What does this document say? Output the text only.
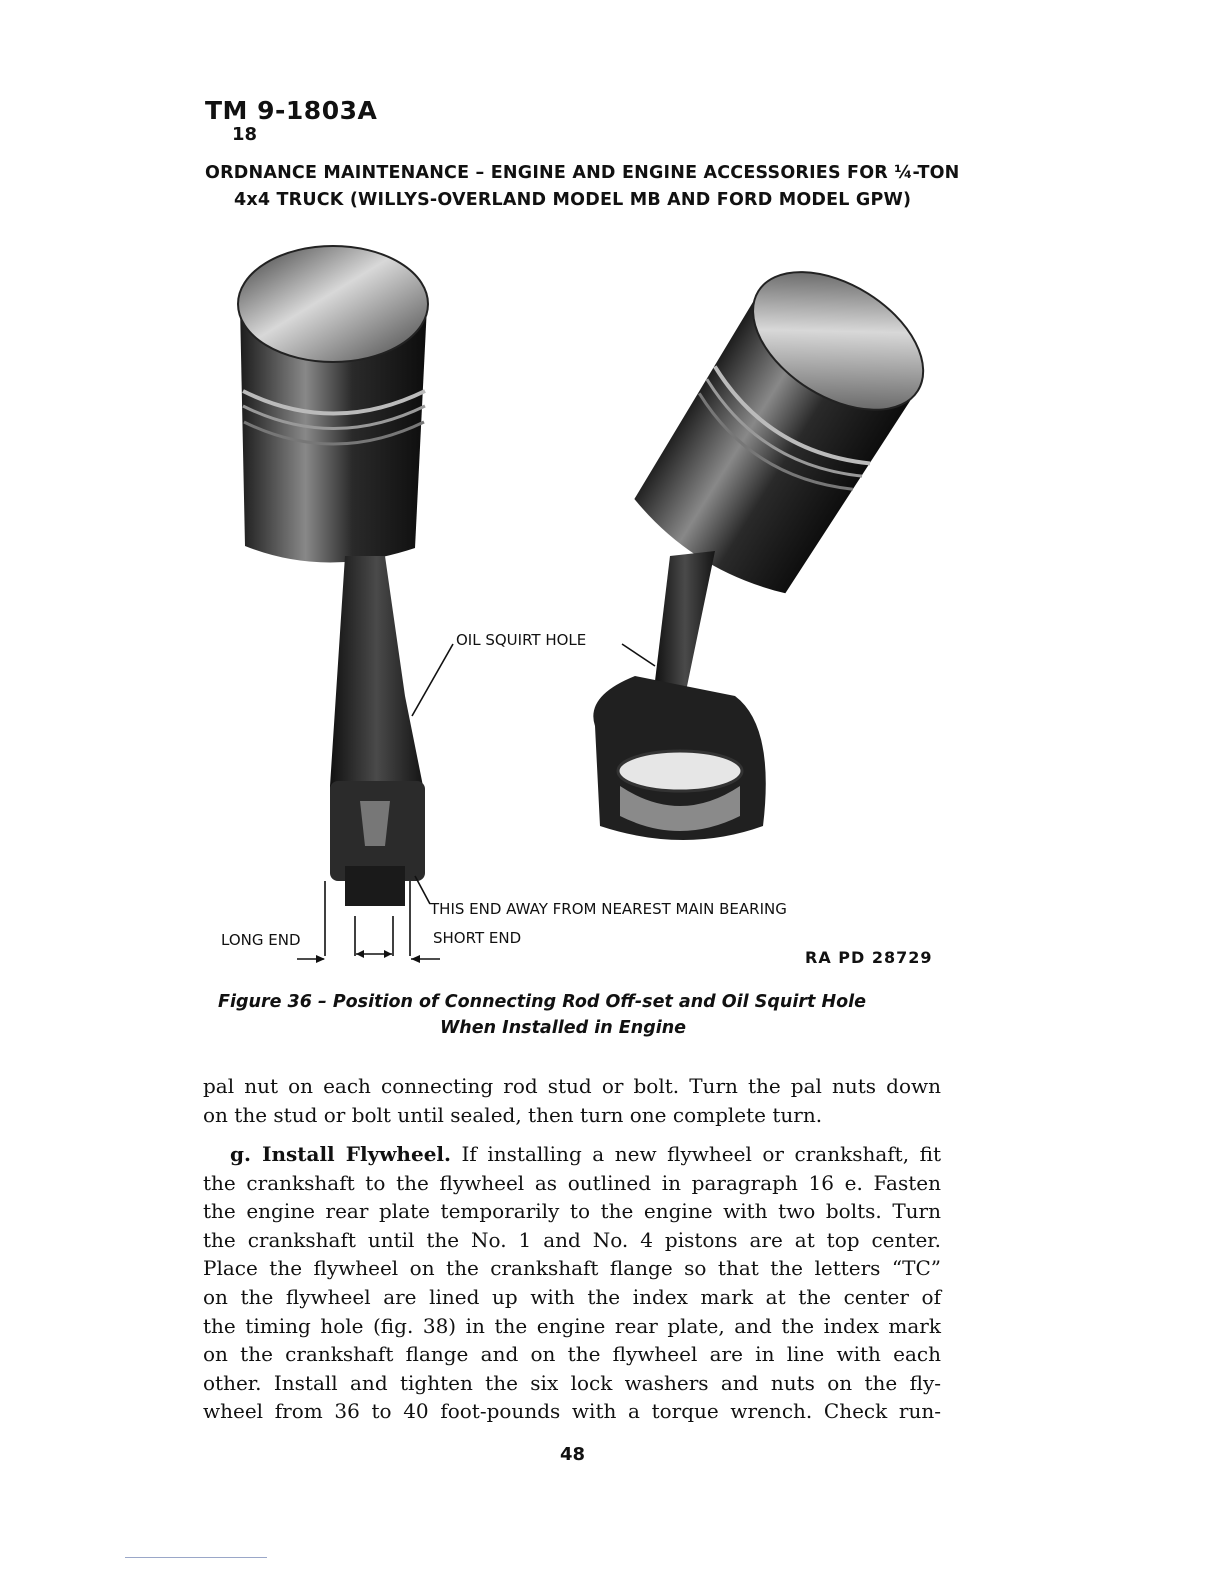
TM 9-1803A
18
ORDNANCE MAINTENANCE – ENGINE AND ENGINE ACCESSORIES FOR ¼-TON
4x4 TRUCK (WILLYS-OVERLAND MODEL MB AND FORD MODEL GPW)
OIL SQUIRT HOLE
THIS END AWAY FROM NEAREST MAIN BEARING
LONG END	SHORT END
RA PD 28729
Figure 36 – Position of Connecting Rod Off-set and Oil Squirt Hole
When Installed in Engine

pal nut on each connecting rod stud or bolt. Turn the pal nuts down

on the stud or bolt until sealed, then turn one complete turn.

g. Install Flywheel. If installing a new flywheel or crankshaft, fit

the crankshaft to the flywheel as outlined in paragraph 16 e. Fasten

the engine rear plate temporarily to the engine with two bolts. Turn

the crankshaft until the No. 1 and No. 4 pistons are at top center.

Place the flywheel on the crankshaft flange so that the letters “TC”

on the flywheel are lined up with the index mark at the center of

the timing hole (fig. 38) in the engine rear plate, and the index mark

on the crankshaft flange and on the flywheel are in line with each

other. Install and tighten the six lock washers and nuts on the fly-

wheel from 36 to 40 foot-pounds with a torque wrench. Check run-

48
